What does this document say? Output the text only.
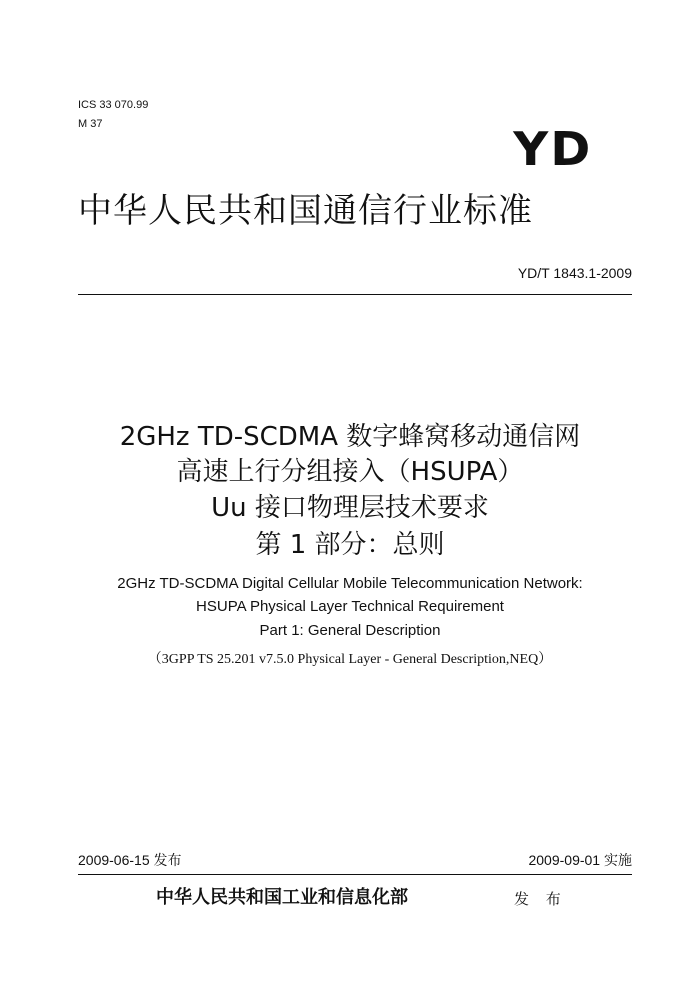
ICS 33 070.99
M 37	YD
中华人民共和国通信行业标准
YD/T 1843.1-2009
2GHz TD-SCDMA 数字蜂窝移动通信网
高速上行分组接入（HSUPA）
Uu 接口物理层技术要求
第 1 部分：总则
2GHz TD-SCDMA Digital Cellular Mobile Telecommunication Network:
HSUPA Physical Layer Technical Requirement
Part 1: General Description
（3GPP TS 25.201 v7.5.0 Physical Layer - General Description,NEQ）
2009-06-15 发布	2009-09-01 实施
中华人民共和国工业和信息化部	发 布
